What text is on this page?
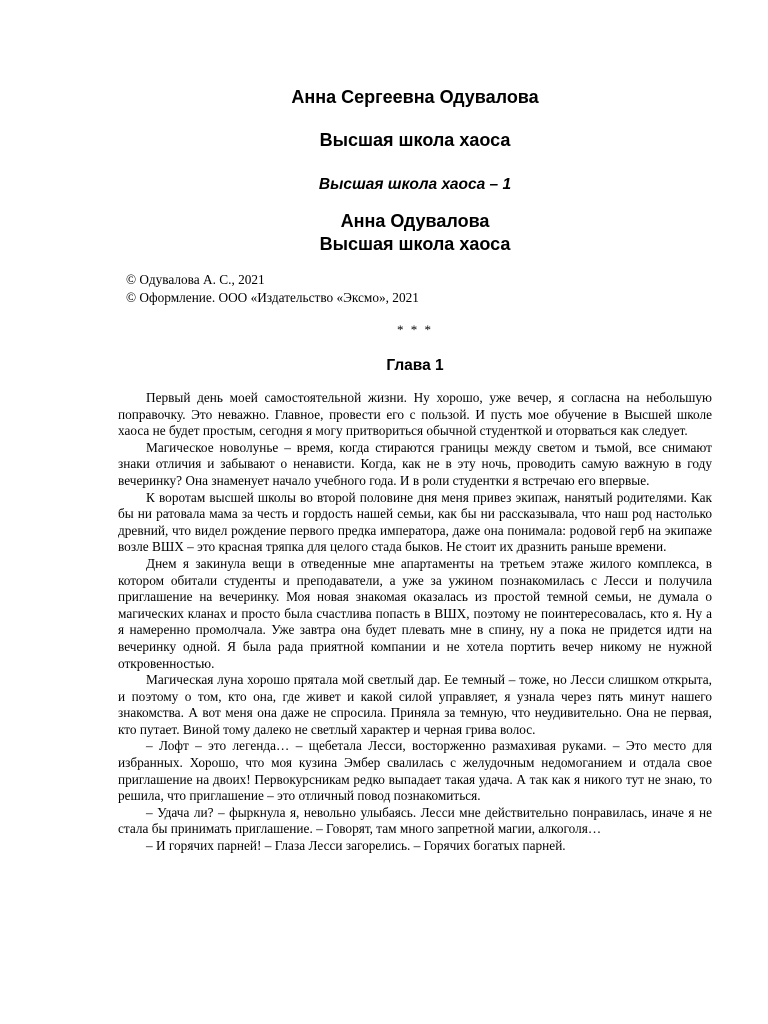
Анна Сергеевна Одувалова
Высшая школа хаоса
Высшая школа хаоса – 1
Анна Одувалова
Высшая школа хаоса
© Одувалова А. С., 2021
© Оформление. ООО «Издательство «Эксмо», 2021
* * *
Глава 1

Первый день моей самостоятельной жизни. Ну хорошо, уже вечер, я согласна на небольшую поправочку. Это неважно. Главное, провести его с пользой. И пусть мое обучение в Высшей школе хаоса не будет простым, сегодня я могу притвориться обычной студенткой и оторваться как следует.

Магическое новолунье – время, когда стираются границы между светом и тьмой, все снимают знаки отличия и забывают о ненависти. Когда, как не в эту ночь, проводить самую важную в году вечеринку? Она знаменует начало учебного года. И в роли студентки я встречаю его впервые.

К воротам высшей школы во второй половине дня меня привез экипаж, нанятый родителями. Как бы ни ратовала мама за честь и гордость нашей семьи, как бы ни рассказывала, что наш род настолько древний, что видел рождение первого предка императора, даже она понимала: родовой герб на экипаже возле ВШХ – это красная тряпка для целого стада быков. Не стоит их дразнить раньше времени.

Днем я закинула вещи в отведенные мне апартаменты на третьем этаже жилого комплекса, в котором обитали студенты и преподаватели, а уже за ужином познакомилась с Лесси и получила приглашение на вечеринку. Моя новая знакомая оказалась из простой темной семьи, не думала о магических кланах и просто была счастлива попасть в ВШХ, поэтому не поинтересовалась, кто я. Ну а я намеренно промолчала. Уже завтра она будет плевать мне в спину, ну а пока не придется идти на вечеринку одной. Я была рада приятной компании и не хотела портить вечер никому не нужной откровенностью.

Магическая луна хорошо прятала мой светлый дар. Ее темный – тоже, но Лесси слишком открыта, и поэтому о том, кто она, где живет и какой силой управляет, я узнала через пять минут нашего знакомства. А вот меня она даже не спросила. Приняла за темную, что неудивительно. Она не первая, кто путает. Виной тому далеко не светлый характер и черная грива волос.

– Лофт – это легенда… – щебетала Лесси, восторженно размахивая руками. – Это место для избранных. Хорошо, что моя кузина Эмбер свалилась с желудочным недомоганием и отдала свое приглашение на двоих! Первокурсникам редко выпадает такая удача. А так как я никого тут не знаю, то решила, что приглашение – это отличный повод познакомиться.

– Удача ли? – фыркнула я, невольно улыбаясь. Лесси мне действительно понравилась, иначе я не стала бы принимать приглашение. – Говорят, там много запретной магии, алкоголя…

– И горячих парней! – Глаза Лесси загорелись. – Горячих богатых парней.
